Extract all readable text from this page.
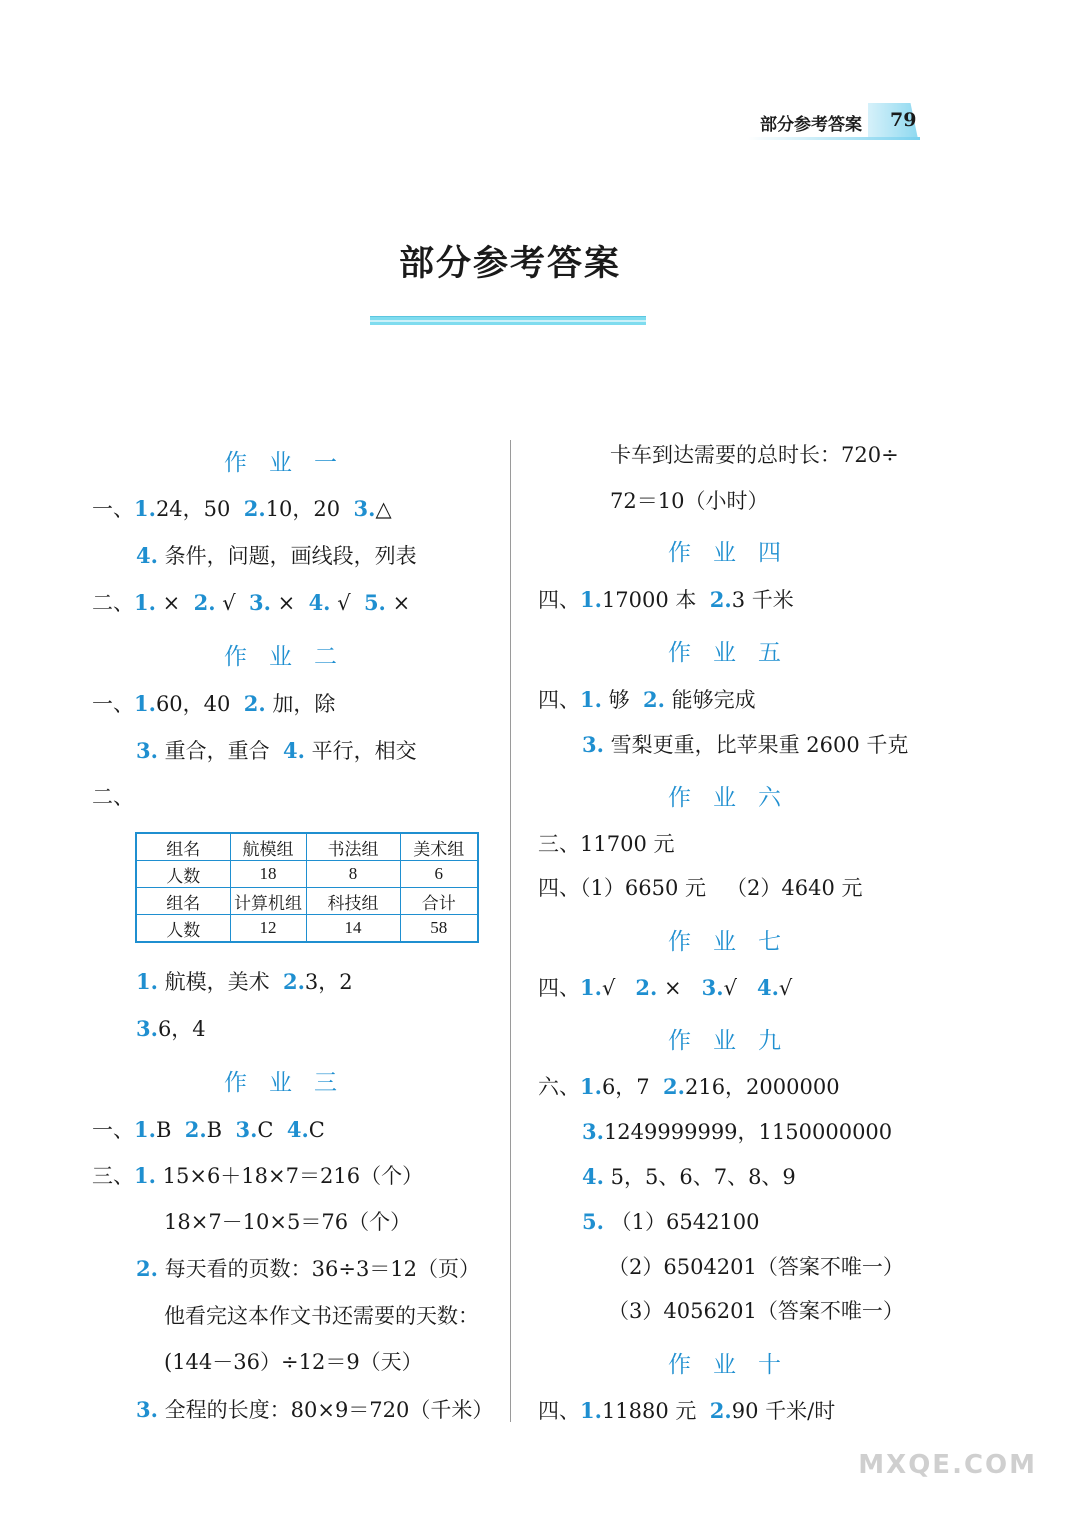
部分参考答案 79
部分参考答案
作业一
一、1.24，50 2.10，20 3.△
4. 条件，问题，画线段，列表
二、1. × 2. √ 3. × 4. √ 5. ×
作业二
一、1.60，40 2. 加，除
3. 重合，重合 4. 平行，相交
二、
组名	航模组	书法组	美术组
人数	18	8	6
组名	计算机组	科技组	合计
人数	12	14	58
1. 航模，美术 2.3，2
3.6，4
作业三
一、1.B 2.B 3.C 4.C
三、1. 15×6＋18×7＝216（个）
18×7－10×5＝76（个）
2. 每天看的页数：36÷3＝12（页）
他看完这本作文书还需要的天数：
(144－36）÷12＝9（天）
3. 全程的长度：80×9＝720（千米）
卡车到达需要的总时长：720÷
72＝10（小时）
作业四
四、1.17000 本 2.3 千米
作业五
四、1. 够 2. 能够完成
3. 雪梨更重，比苹果重 2600 千克
作业六
三、11700 元
四、（1）6650 元 （2）4640 元
作业七
四、1.√ 2. × 3.√ 4.√
作业九
六、1.6，7 2.216，2000000
3.1249999999，1150000000
4. 5，5、6、7、8、9
5. （1）6542100
（2）6504201（答案不唯一）
（3）4056201（答案不唯一）
作业十
四、1.11880 元 2.90 千米/时
MXQE.COM
